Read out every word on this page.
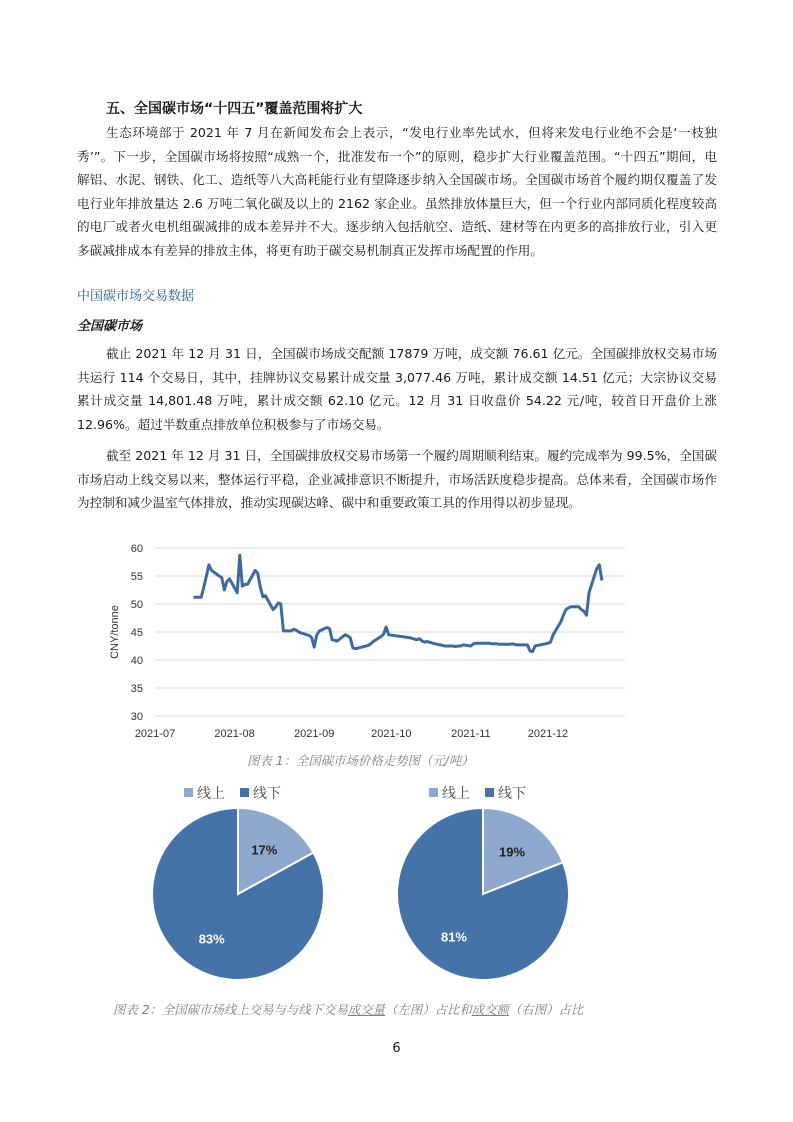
五、全国碳市场“十四五”覆盖范围将扩大

生态环境部于 2021 年 7 月在新闻发布会上表示，“发电行业率先试水，但将来发电行业绝不会是‘一枝独秀’”。下一步，全国碳市场将按照“成熟一个，批准发布一个”的原则，稳步扩大行业覆盖范围。“十四五”期间，电解铝、水泥、钢铁、化工、造纸等八大高耗能行业有望降逐步纳入全国碳市场。全国碳市场首个履约期仅覆盖了发电行业年排放量达 2.6 万吨二氧化碳及以上的 2162 家企业。虽然排放体量巨大，但一个行业内部同质化程度较高的电厂或者火电机组碳减排的成本差异并不大。逐步纳入包括航空、造纸、建材等在内更多的高排放行业，引入更多碳减排成本有差异的排放主体，将更有助于碳交易机制真正发挥市场配置的作用。

中国碳市场交易数据
全国碳市场

截止 2021 年 12 月 31 日，全国碳市场成交配额 17879 万吨，成交额 76.61 亿元。全国碳排放权交易市场共运行 114 个交易日，其中，挂牌协议交易累计成交量 3,077.46 万吨，累计成交额 14.51 亿元；大宗协议交易累计成交量 14,801.48 万吨，累计成交额 62.10 亿元。12 月 31 日收盘价 54.22 元/吨，较首日开盘价上涨 12.96%。超过半数重点排放单位积极参与了市场交易。

截至 2021 年 12 月 31 日，全国碳排放权交易市场第一个履约周期顺利结束。履约完成率为 99.5%，全国碳市场启动上线交易以来，整体运行平稳，企业减排意识不断提升，市场活跃度稳步提高。总体来看，全国碳市场作为控制和减少温室气体排放，推动实现碳达峰、碳中和重要政策工具的作用得以初步显现。

30
35
40
45
50
55
60
2021-07	2021-08	2021-09	2021-10	2021-11	2021-12
CNY/tonne
图表 1：全国碳市场价格走势图（元/吨）
线上 线下
17%
83%
线上 线下
19%
81%
图表 2：全国碳市场线上交易与与线下交易成交量（左图）占比和成交额（右图）占比
6
